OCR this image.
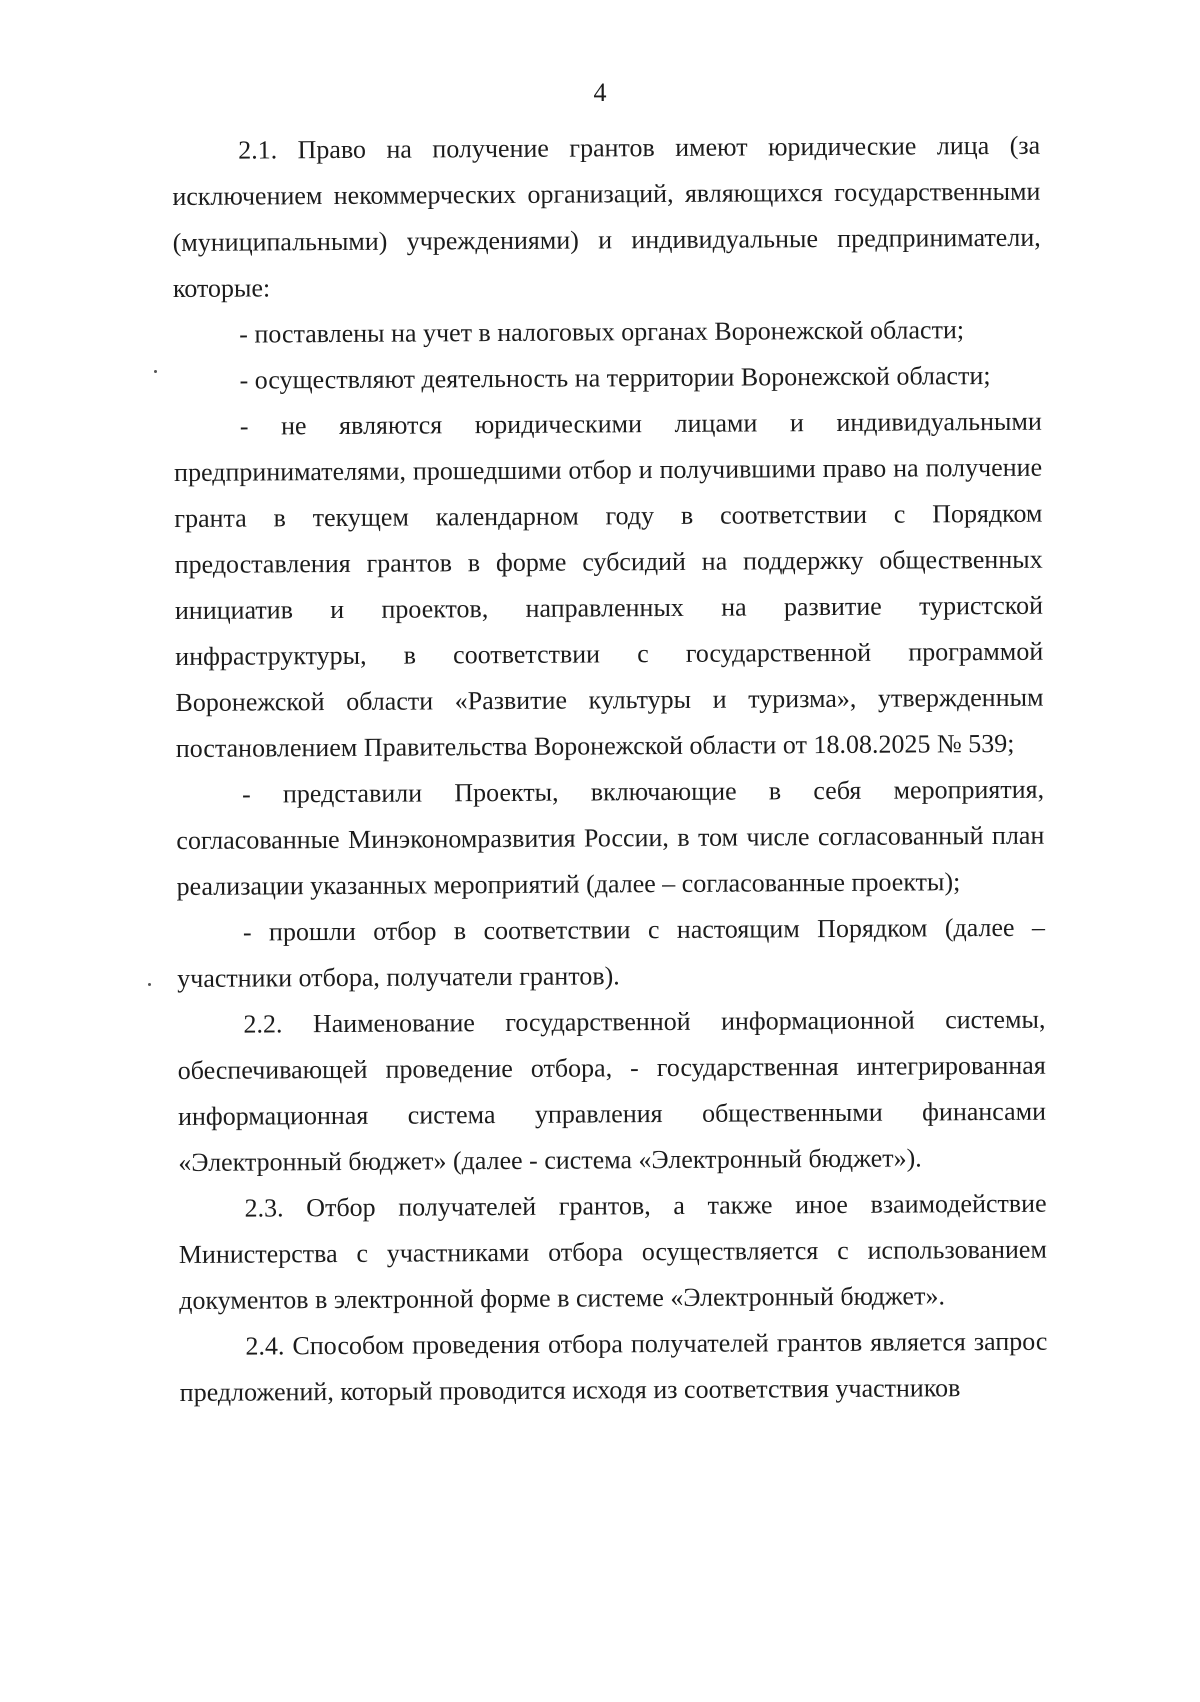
4

2.1. Право на получение грантов имеют юридические лица (за исключением некоммерческих организаций, являющихся государственными (муниципальными) учреждениями) и индивидуальные предприниматели, которые:

- поставлены на учет в налоговых органах Воронежской области;

- осуществляют деятельность на территории Воронежской области;

- не являются юридическими лицами и индивидуальными предпринимателями, прошедшими отбор и получившими право на получение гранта в текущем календарном году в соответствии с Порядком предоставления грантов в форме субсидий на поддержку общественных инициатив и проектов, направленных на развитие туристской инфраструктуры, в соответствии с государственной программой Воронежской области «Развитие культуры и туризма», утвержденным постановлением Правительства Воронежской области от 18.08.2025 № 539;

- представили Проекты, включающие в себя мероприятия, согласованные Минэкономразвития России, в том числе согласованный план реализации указанных мероприятий (далее – согласованные проекты);

- прошли отбор в соответствии с настоящим Порядком (далее – участники отбора, получатели грантов).

2.2. Наименование государственной информационной системы, обеспечивающей проведение отбора, - государственная интегрированная информационная система управления общественными финансами «Электронный бюджет» (далее - система «Электронный бюджет»).

2.3. Отбор получателей грантов, а также иное взаимодействие Министерства с участниками отбора осуществляется с использованием документов в электронной форме в системе «Электронный бюджет».

2.4. Способом проведения отбора получателей грантов является запрос предложений, который проводится исходя из соответствия участников
